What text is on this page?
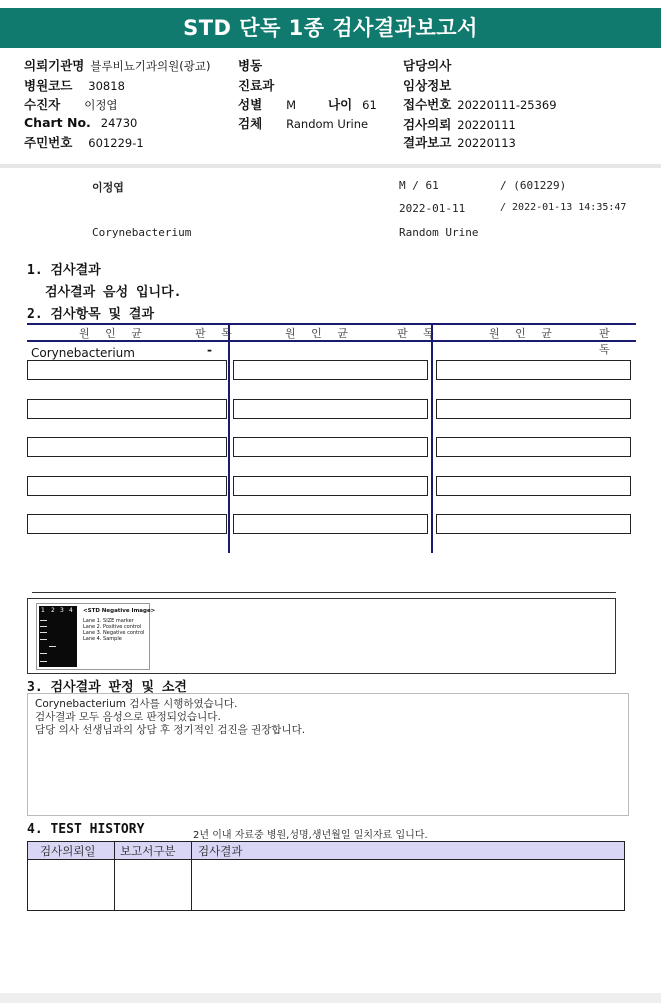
STD 단독 1종 검사결과보고서
의뢰기관명 블루비뇨기과의원(광교)
병원코드 30818
수진자 이정엽
Chart No. 24730
주민번호 601229-1
병동
진료과
성별 M	나이 61
검체 Random Urine
담당의사
임상정보
접수번호 20220111-25369
검사의뢰 20220111
결과보고 20220113
이정엽	M / 61	/ (601229)
2022-01-11	/ 2022-01-13 14:35:47
Corynebacterium	Random Urine
1. 검사결과
검사결과 음성 입니다.
2. 검사항목 및 결과
원 인 균	판 독	원 인 균	판 독	원 인 균	판 독
Corynebacterium	-
1 2 3 4 <STD Negative Image>
Lane 1. SIZE marker
Lane 2. Positive control
Lane 3. Negative control
Lane 4. Sample
3. 검사결과 판정 및 소견
Corynebacterium 검사를 시행하였습니다.
검사결과 모두 음성으로 판정되었습니다.
담당 의사 선생님과의 상담 후 정기적인 검진을 권장합니다.
4. TEST HISTORY	2년 이내 자료중 병원,성명,생년월일 일치자료 입니다.
검사의뢰일 보고서구분 검사결과
